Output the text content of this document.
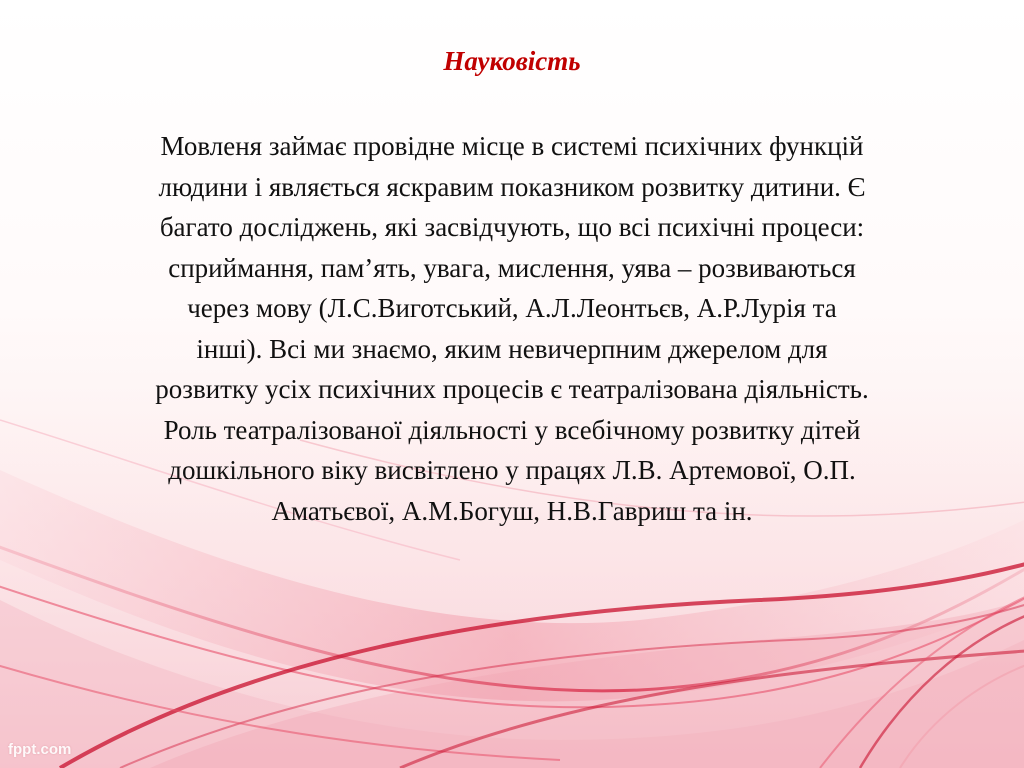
Науковість
Мовленя займає провідне місце в системі психічних функцій
людини і являється яскравим показником розвитку дитини. Є
багато досліджень, які засвідчують, що всі психічні процеси:
сприймання, пам’ять, увага, мислення, уява – розвиваються
через мову (Л.С.Виготський, А.Л.Леонтьєв, А.Р.Лурія та
інші). Всі ми знаємо, яким невичерпним джерелом для
розвитку усіх психічних процесів є театралізована діяльність.
Роль театралізованої діяльності у всебічному розвитку дітей
дошкільного віку висвітлено у працях Л.В. Артемової, О.П.
Аматьєвої, А.М.Богуш, Н.В.Гавриш та ін.
fppt.com
